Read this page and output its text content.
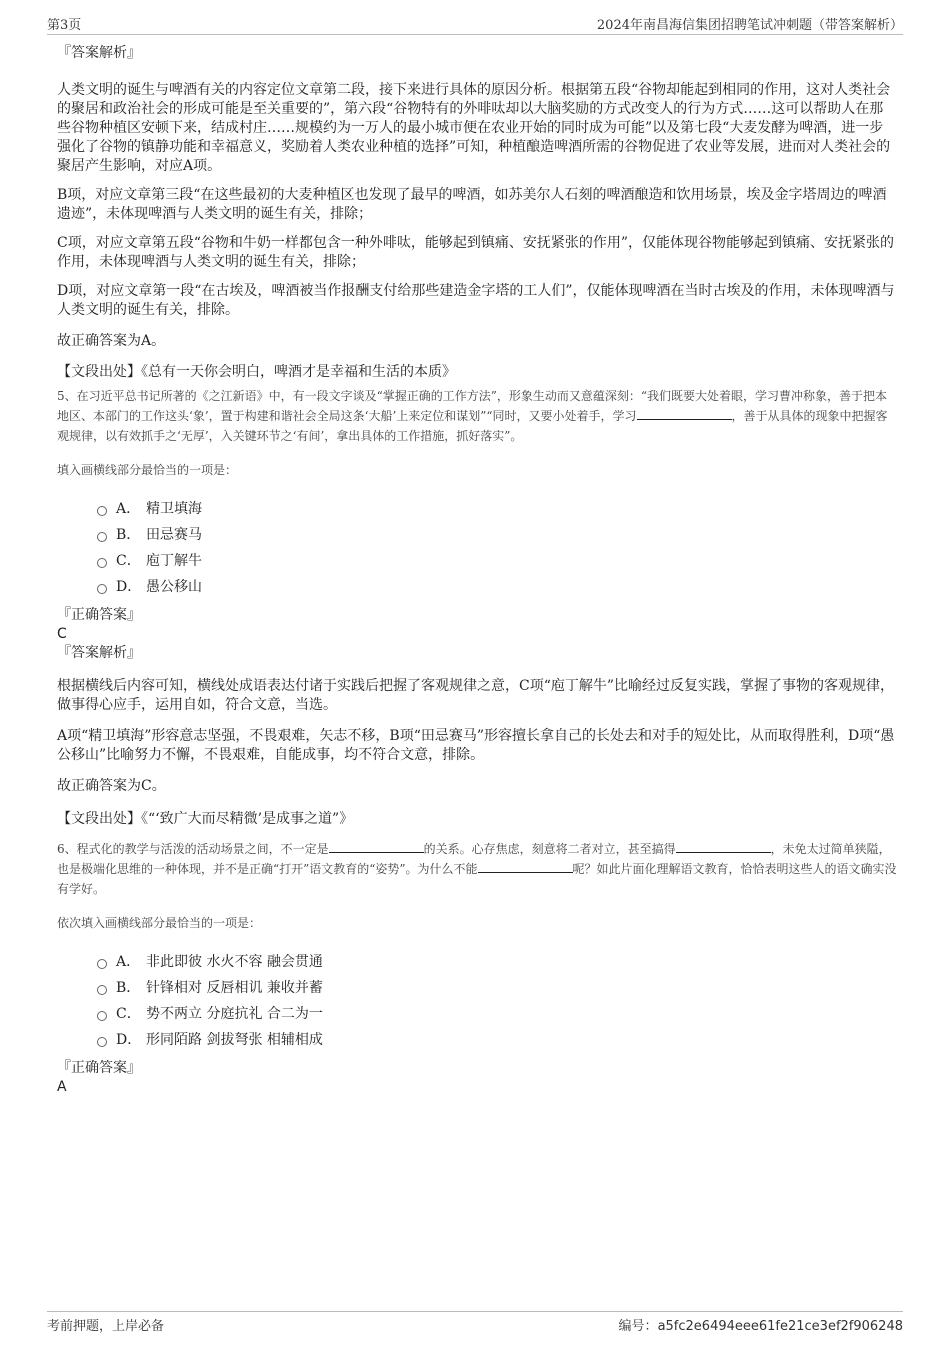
第3页	2024年南昌海信集团招聘笔试冲刺题（带答案解析）

『答案解析』

人类文明的诞生与啤酒有关的内容定位文章第二段，接下来进行具体的原因分析。根据第五段“谷物却能起到相同的作用，这对人类社会的聚居和政治社会的形成可能是至关重要的”，第六段“谷物特有的外啡呔却以大脑奖励的方式改变人的行为方式……这可以帮助人在那些谷物种植区安顿下来，结成村庄……规模约为一万人的最小城市便在农业开始的同时成为可能”以及第七段“大麦发酵为啤酒，进一步强化了谷物的镇静功能和幸福意义，奖励着人类农业种植的选择”可知，种植酿造啤酒所需的谷物促进了农业等发展，进而对人类社会的聚居产生影响，对应A项。

B项，对应文章第三段“在这些最初的大麦种植区也发现了最早的啤酒，如苏美尔人石刻的啤酒酿造和饮用场景，埃及金字塔周边的啤酒遗迹”，未体现啤酒与人类文明的诞生有关，排除；

C项，对应文章第五段“谷物和牛奶一样都包含一种外啡呔，能够起到镇痛、安抚紧张的作用”，仅能体现谷物能够起到镇痛、安抚紧张的作用，未体现啤酒与人类文明的诞生有关，排除；

D项，对应文章第一段“在古埃及，啤酒被当作报酬支付给那些建造金字塔的工人们”，仅能体现啤酒在当时古埃及的作用，未体现啤酒与人类文明的诞生有关，排除。

故正确答案为A。

【文段出处】《总有一天你会明白，啤酒才是幸福和生活的本质》

5、在习近平总书记所著的《之江新语》中，有一段文字谈及“掌握正确的工作方法”，形象生动而又意蕴深刻：“我们既要大处着眼，学习曹冲称象，善于把本地区、本部门的工作这头‘象’，置于构建和谐社会全局这条‘大船’上来定位和谋划”“同时，又要小处着手，学习	，善于从具体的现象中把握客观规律，以有效抓手之‘无厚’，入关键环节之‘有间’，拿出具体的工作措施，抓好落实”。

填入画横线部分最恰当的一项是：

A． 精卫填海
B． 田忌赛马
C． 庖丁解牛
D． 愚公移山

『正确答案』

C

『答案解析』

根据横线后内容可知，横线处成语表达付诸于实践后把握了客观规律之意，C项“庖丁解牛”比喻经过反复实践，掌握了事物的客观规律，做事得心应手，运用自如，符合文意，当选。

A项“精卫填海”形容意志坚强，不畏艰难，矢志不移，B项“田忌赛马”形容擅长拿自己的长处去和对手的短处比，从而取得胜利，D项“愚公移山”比喻努力不懈，不畏艰难，自能成事，均不符合文意，排除。

故正确答案为C。

【文段出处】《“‘致广大而尽精微’是成事之道”》

6、程式化的教学与活泼的活动场景之间，不一定是	的关系。心存焦虑，刻意将二者对立，甚至搞得	，未免太过简单狭隘，也是极端化思维的一种体现，并不是正确“打开”语文教育的“姿势”。为什么不能	呢？如此片面化理解语文教育，恰恰表明这些人的语文确实没有学好。

依次填入画横线部分最恰当的一项是：

A． 非此即彼 水火不容 融会贯通
B． 针锋相对 反唇相讥 兼收并蓄
C． 势不两立 分庭抗礼 合二为一
D． 形同陌路 剑拔弩张 相辅相成

『正确答案』

A

考前押题，上岸必备	编号：a5fc2e6494eee61fe21ce3ef2f906248
